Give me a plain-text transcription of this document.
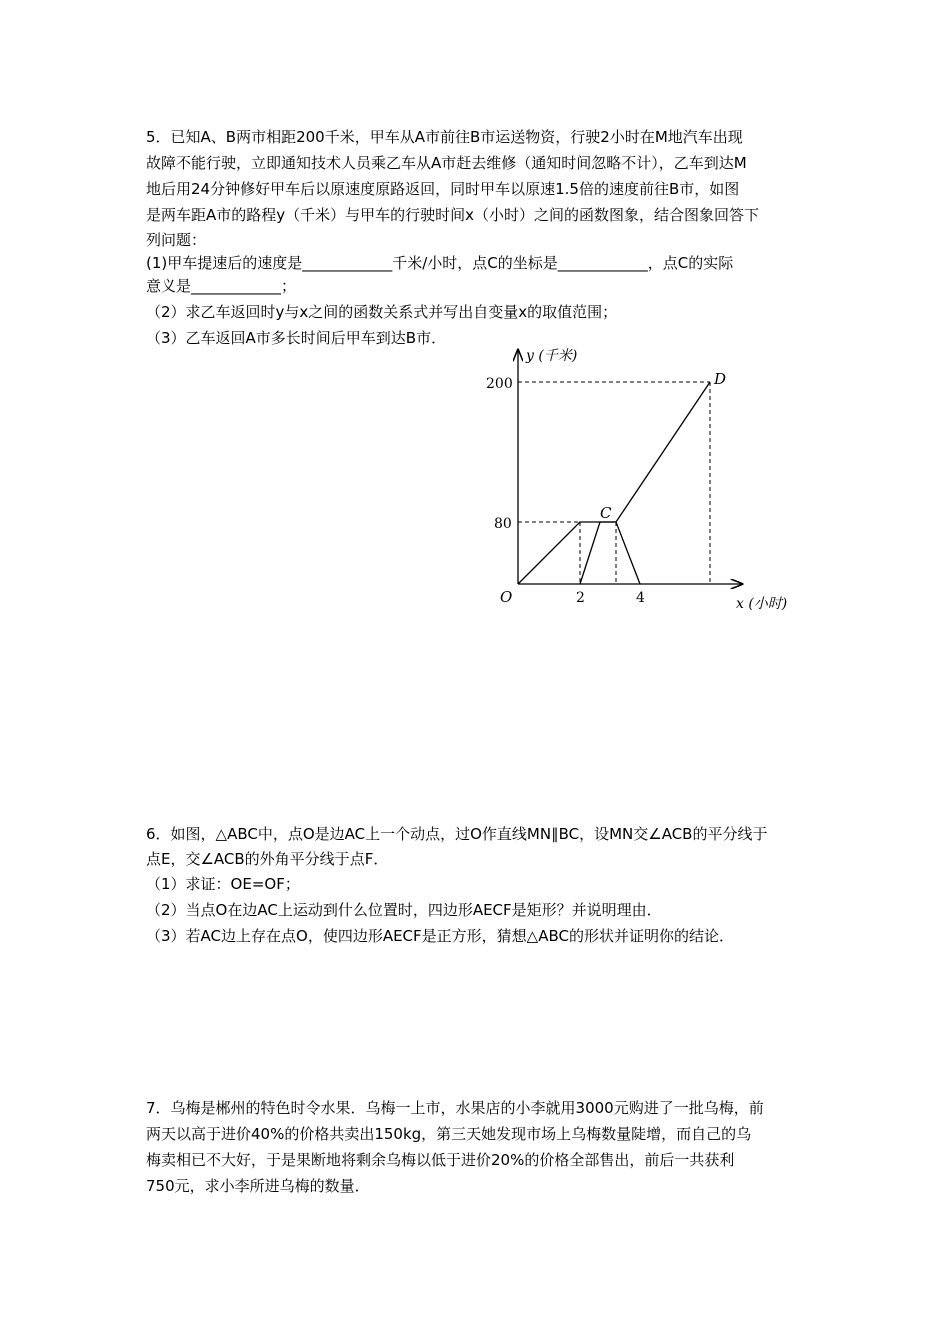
5．已知A、B两市相距200千米，甲车从A市前往B市运送物资，行驶2小时在M地汽车出现
故障不能行驶，立即通知技术人员乘乙车从A市赶去维修（通知时间忽略不计），乙车到达M
地后用24分钟修好甲车后以原速度原路返回，同时甲车以原速1.5倍的速度前往B市，如图
是两车距A市的路程y（千米）与甲车的行驶时间x（小时）之间的函数图象，结合图象回答下
列问题：
(1)甲车提速后的速度是____________千米/小时，点C的坐标是____________，点C的实际
意义是____________；
（2）求乙车返回时y与x之间的函数关系式并写出自变量x的取值范围；
（3）乙车返回A市多长时间后甲车到达B市．
y (千米)
x (小时)
O
200
80
2	4
C
D
6．如图，△ABC中，点O是边AC上一个动点，过O作直线MN∥BC，设MN交∠ACB的平分线于
点E，交∠ACB的外角平分线于点F．
（1）求证：OE=OF；
（2）当点O在边AC上运动到什么位置时，四边形AECF是矩形？并说明理由．
（3）若AC边上存在点O，使四边形AECF是正方形，猜想△ABC的形状并证明你的结论．
7．乌梅是郴州的特色时令水果．乌梅一上市，水果店的小李就用3000元购进了一批乌梅，前
两天以高于进价40%的价格共卖出150kg，第三天她发现市场上乌梅数量陡增，而自己的乌
梅卖相已不大好，于是果断地将剩余乌梅以低于进价20%的价格全部售出，前后一共获利
750元，求小李所进乌梅的数量．
